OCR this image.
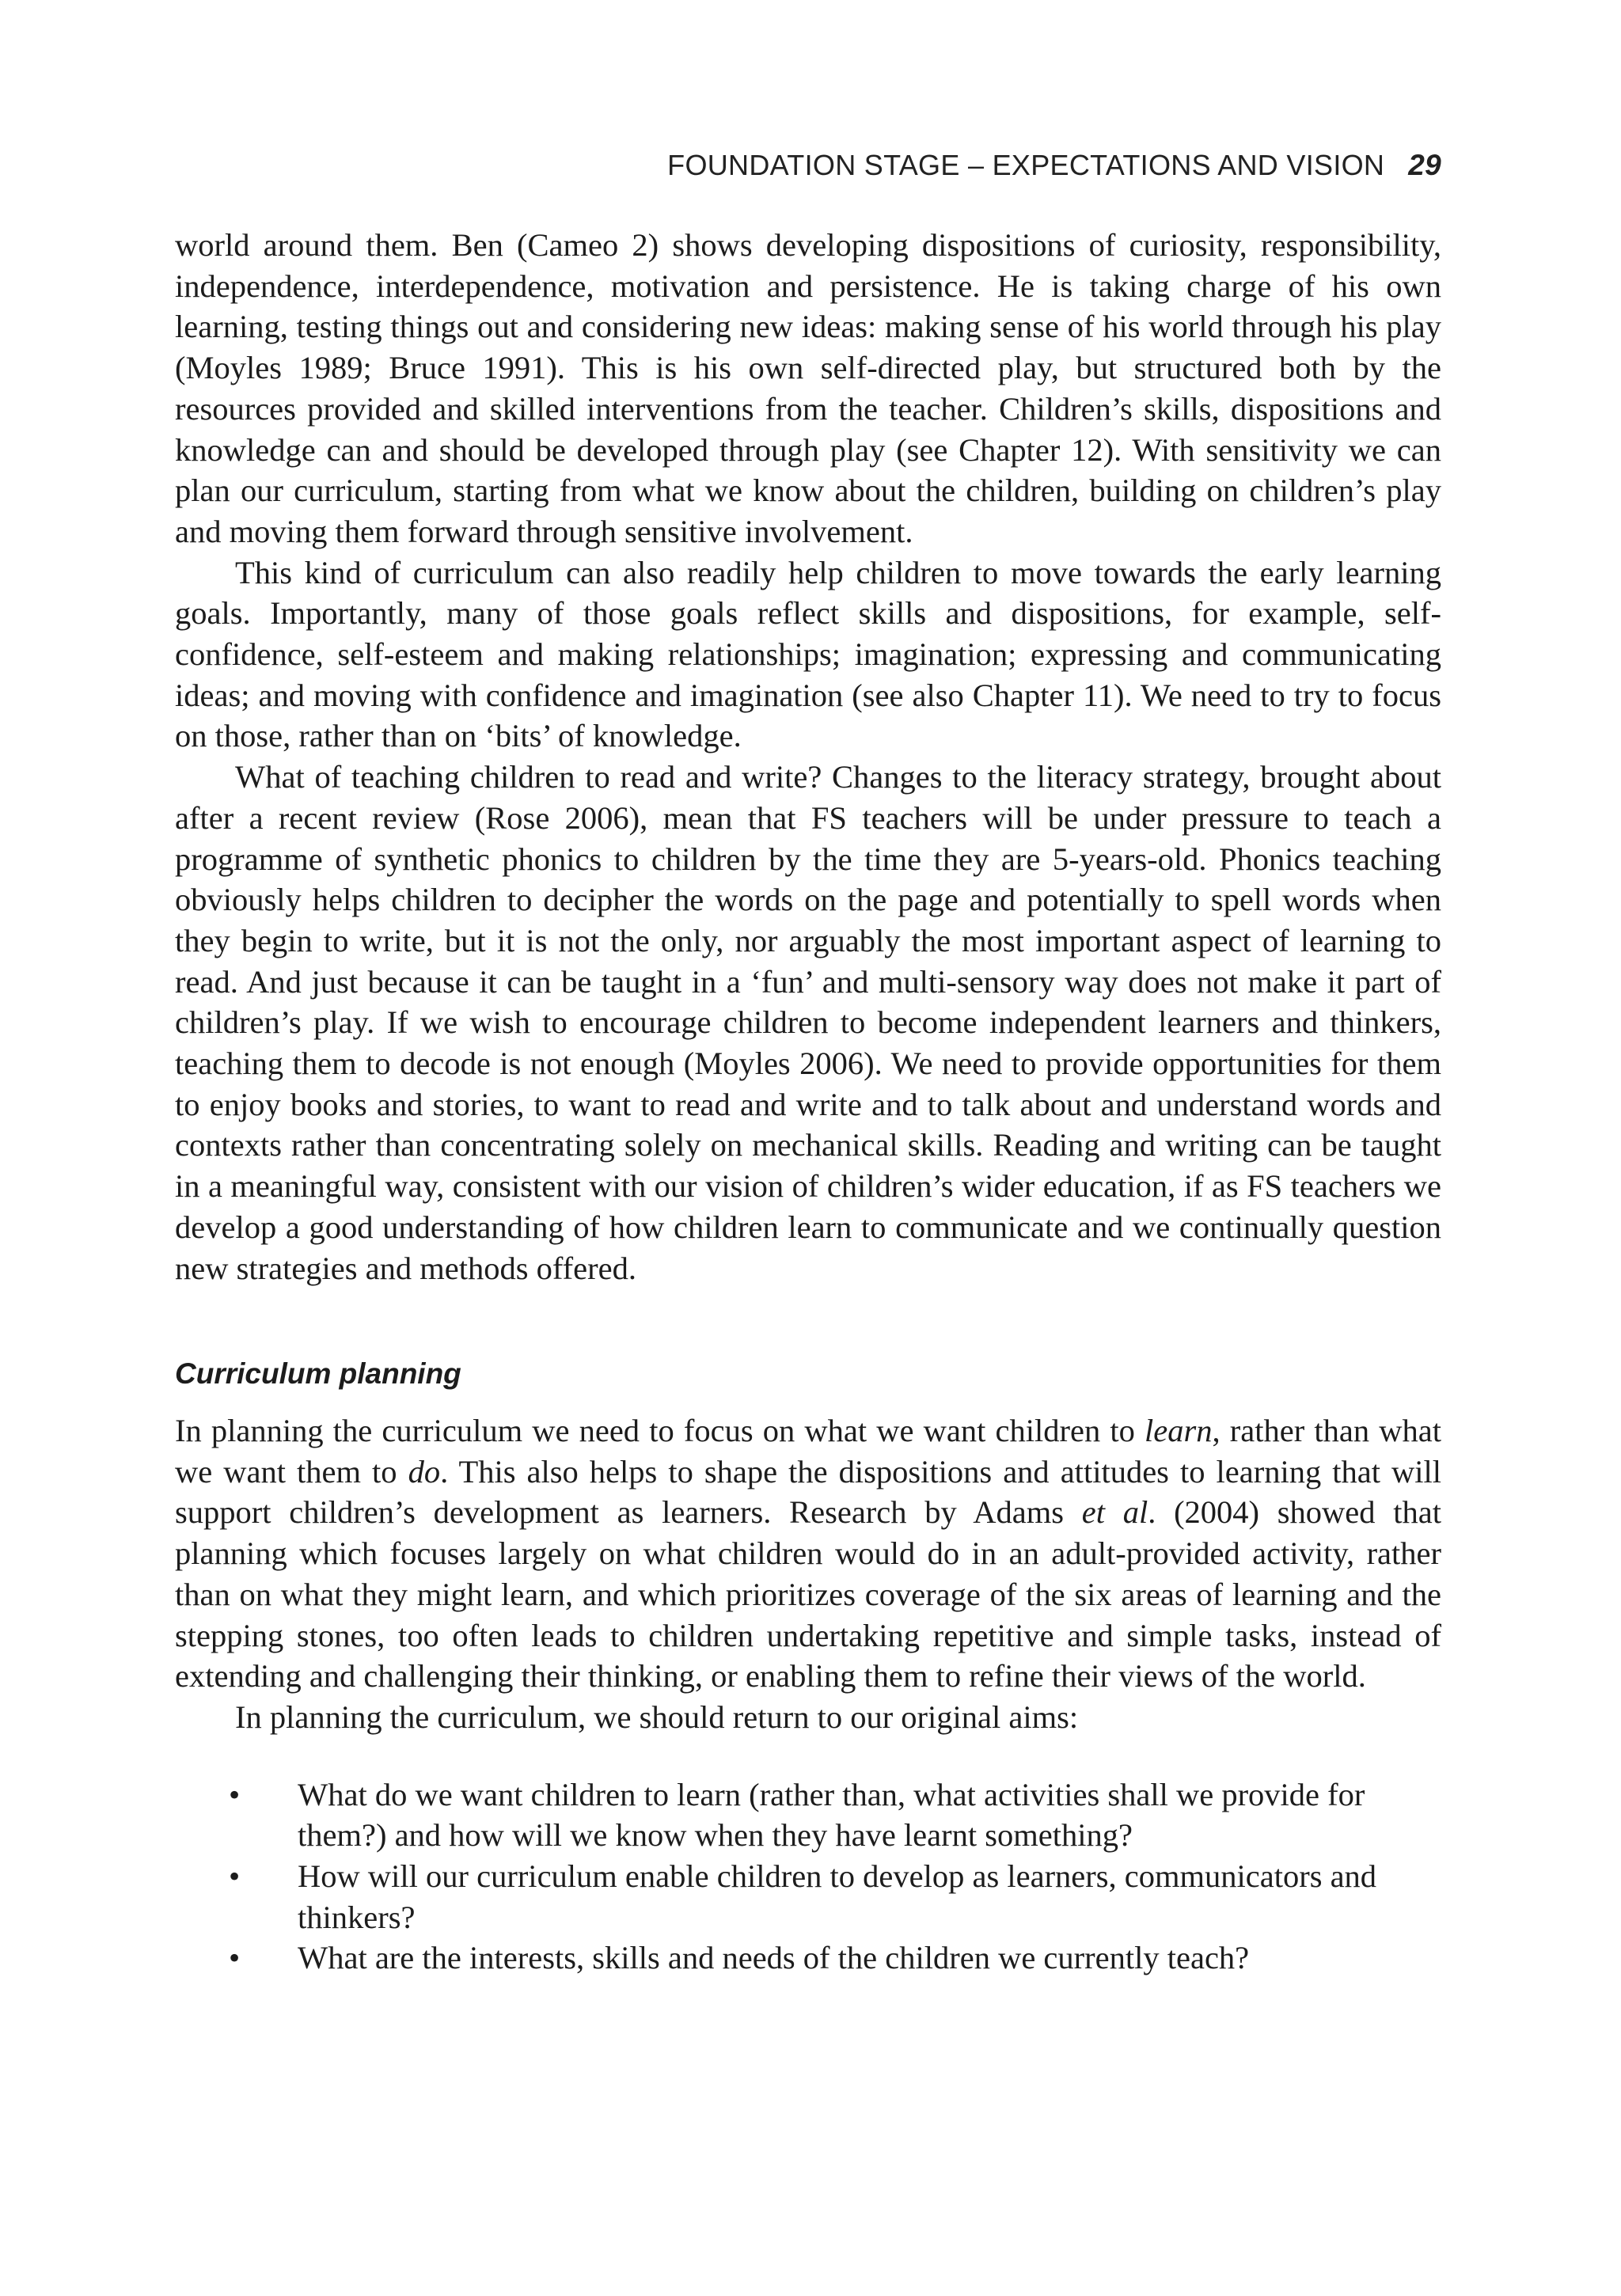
FOUNDATION STAGE – EXPECTATIONS AND VISION 29

world around them. Ben (Cameo 2) shows developing dispositions of curiosity, responsibility, independence, interdependence, motivation and persistence. He is taking charge of his own learning, testing things out and considering new ideas: making sense of his world through his play (Moyles 1989; Bruce 1991). This is his own self-directed play, but structured both by the resources provided and skilled interventions from the teacher. Children’s skills, dispositions and knowledge can and should be developed through play (see Chapter 12). With sensitivity we can plan our curriculum, starting from what we know about the children, building on children’s play and moving them forward through sensitive involvement.

This kind of curriculum can also readily help children to move towards the early learning goals. Importantly, many of those goals reflect skills and dispositions, for example, self-confidence, self-esteem and making relationships; imagination; expressing and communicating ideas; and moving with confidence and imagination (see also Chapter 11). We need to try to focus on those, rather than on ‘bits’ of knowledge.

What of teaching children to read and write? Changes to the literacy strategy, brought about after a recent review (Rose 2006), mean that FS teachers will be under pressure to teach a programme of synthetic phonics to children by the time they are 5-years-old. Phonics teaching obviously helps children to decipher the words on the page and potentially to spell words when they begin to write, but it is not the only, nor arguably the most important aspect of learning to read. And just because it can be taught in a ‘fun’ and multi-sensory way does not make it part of children’s play. If we wish to encourage children to become independent learners and thinkers, teaching them to decode is not enough (Moyles 2006). We need to provide opportunities for them to enjoy books and stories, to want to read and write and to talk about and understand words and contexts rather than concentrating solely on mechanical skills. Reading and writing can be taught in a meaningful way, consistent with our vision of children’s wider education, if as FS teachers we develop a good understanding of how children learn to communicate and we continually question new strategies and methods offered.

Curriculum planning

In planning the curriculum we need to focus on what we want children to learn, rather than what we want them to do. This also helps to shape the dispositions and attitudes to learning that will support children’s development as learners. Research by Adams et al. (2004) showed that planning which focuses largely on what children would do in an adult-provided activity, rather than on what they might learn, and which prioritizes coverage of the six areas of learning and the stepping stones, too often leads to children undertaking repetitive and simple tasks, instead of extending and challenging their thinking, or enabling them to refine their views of the world.

In planning the curriculum, we should return to our original aims:

• What do we want children to learn (rather than, what activities shall we provide for them?) and how will we know when they have learnt something?
• How will our curriculum enable children to develop as learners, communicators and thinkers?
• What are the interests, skills and needs of the children we currently teach?
